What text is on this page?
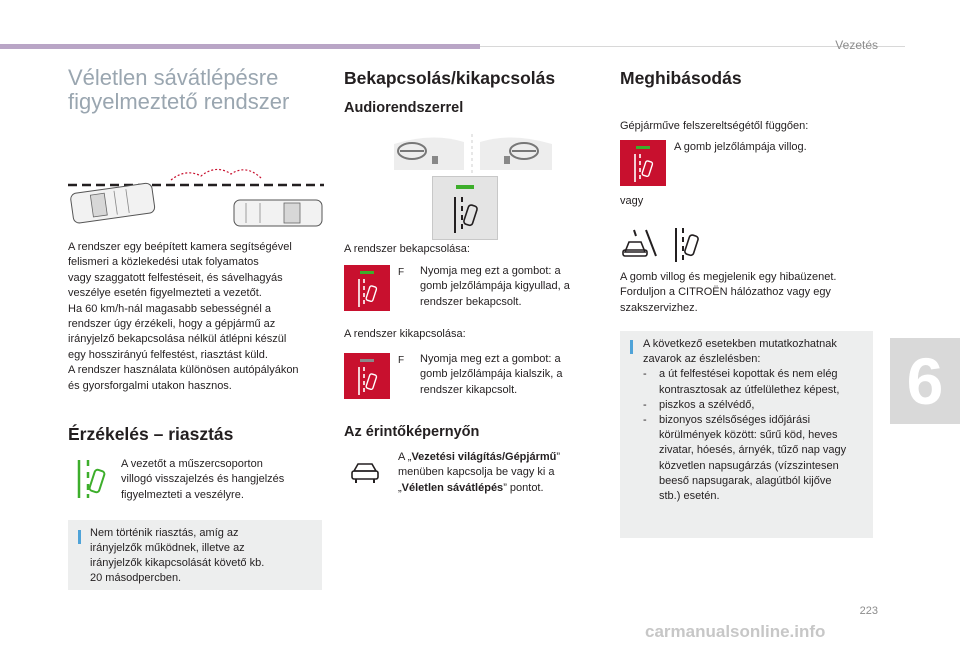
Vezetés
6
223
Véletlen sávátlépésre
figyelmeztető rendszer
A rendszer egy beépített kamera segítségével
felismeri a közlekedési utak folyamatos
vagy szaggatott felfestéseit, és sávelhagyás
veszélye esetén figyelmezteti a vezetőt.
Ha 60 km/h-nál magasabb sebességnél a
rendszer úgy érzékeli, hogy a gépjármű az
irányjelző bekapcsolása nélkül átlépni készül
egy hosszirányú felfestést, riasztást küld.
A rendszer használata különösen autópályákon
és gyorsforgalmi utakon hasznos.
Érzékelés – riasztás
A vezetőt a műszercsoporton
villogó visszajelzés és hangjelzés
figyelmezteti a veszélyre.
Nem történik riasztás, amíg az
irányjelzők működnek, illetve az
irányjelzők kikapcsolását követő kb.
20 másodpercben.
Bekapcsolás/kikapcsolás
Audiorendszerrel
A rendszer bekapcsolása:
F	Nyomja meg ezt a gombot: a
gomb jelzőlámpája kigyullad, a
rendszer bekapcsolt.
A rendszer kikapcsolása:
F	Nyomja meg ezt a gombot: a
gomb jelzőlámpája kialszik, a
rendszer kikapcsolt.
Az érintőképernyőn
A „Vezetési világítás/Gépjármű”
menüben kapcsolja be vagy ki a
„Véletlen sávátlépés” pontot.
Meghibásodás
Gépjárműve felszereltségétől függően:
A gomb jelzőlámpája villog.
vagy
A gomb villog és megjelenik egy hibaüzenet.
Forduljon a CITROËN hálózathoz vagy egy
szakszervizhez.
A következő esetekben mutatkozhatnak
zavarok az észlelésben:
-	a út felfestései kopottak és nem elég
kontrasztosak az útfelülethez képest,
-	piszkos a szélvédő,
-	bizonyos szélsőséges időjárási
körülmények között: sűrű köd, heves
zivatar, hóesés, árnyék, tűző nap vagy
közvetlen napsugárzás (vízszintesen
beeső napsugarak, alagútból kijőve
stb.) esetén.
carmanualsonline.info
